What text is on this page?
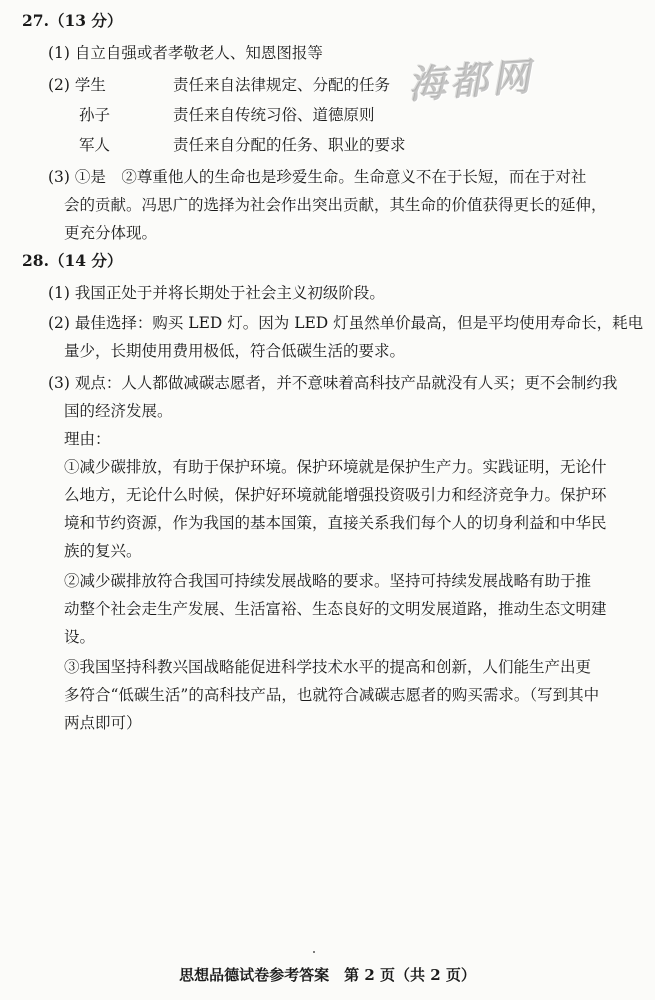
海都网
27.（13 分）
(1) 自立自强或者孝敬老人、知恩图报等
(2) 学生	责任来自法律规定、分配的任务
孙子	责任来自传统习俗、道德原则
军人	责任来自分配的任务、职业的要求
(3) ①是　②尊重他人的生命也是珍爱生命。生命意义不在于长短，而在于对社
会的贡献。冯思广的选择为社会作出突出贡献，其生命的价值获得更长的延伸，
更充分体现。
28.（14 分）
(1) 我国正处于并将长期处于社会主义初级阶段。
(2) 最佳选择：购买 LED 灯。因为 LED 灯虽然单价最高，但是平均使用寿命长，耗电
量少，长期使用费用极低，符合低碳生活的要求。
(3) 观点：人人都做减碳志愿者，并不意味着高科技产品就没有人买；更不会制约我
国的经济发展。
理由：
①减少碳排放，有助于保护环境。保护环境就是保护生产力。实践证明，无论什
么地方，无论什么时候，保护好环境就能增强投资吸引力和经济竞争力。保护环
境和节约资源，作为我国的基本国策，直接关系我们每个人的切身利益和中华民
族的复兴。
②减少碳排放符合我国可持续发展战略的要求。坚持可持续发展战略有助于推
动整个社会走生产发展、生活富裕、生态良好的文明发展道路，推动生态文明建
设。
③我国坚持科教兴国战略能促进科学技术水平的提高和创新，人们能生产出更
多符合“低碳生活”的高科技产品，也就符合减碳志愿者的购买需求。（写到其中
两点即可）
思想品德试卷参考答案　第 2 页（共 2 页）
